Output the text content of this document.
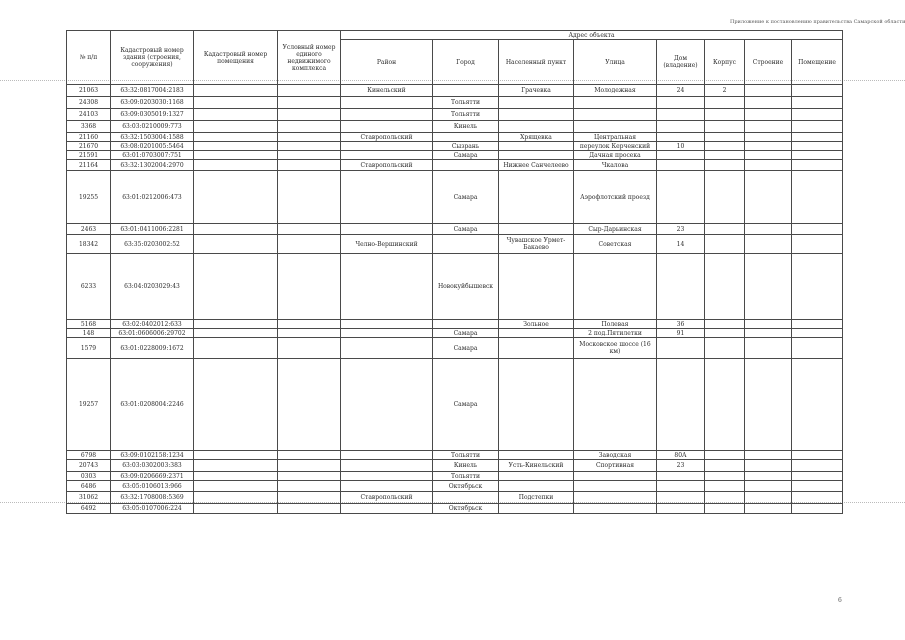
Приложение к постановлению правительства Самарской области
№ п/п	Кадастровый номер здания (строения, сооружения)	Кадастровый номер помещения	Условный номер единого недвижимого комплекса	Адрес объекта							
				Район	Город	Населенный пункт	Улица	Дом (владение)	Корпус	Строение	Помещение
21063	63:32:0817004:2183			Кинельский		Грачевка	Молодежная	24	2		
24308	63:09:0203030:1168				Тольятти						
24103	63:09:0305019:1327				Тольятти						
3368	63:03:0210009:773				Кинель						
21160	63:32:1503004:1588			Ставропольский		Хрящевка	Центральная				
21670	63:08:0201005:5464				Сызрань		переулок Керченский	10			
21591	63:01:0703007:751				Самара		Дачная просека				
21164	63:32:1302004:2970			Ставропольский		Нижнее Санчелеево	Чкалова				
19255	63:01:0212006:473				Самара		Аэрофлотский проезд				
2463	63:01:0411006:2281				Самара		Сыр-Дарьинская	23			
18342	63:35:0203002:52			Челно-Вершинский		Чувашское Урмет-Бакаево	Советская	14			
6233	63:04:0203029:43				Новокуйбышевск						
5168	63:02:0402012:633					Зольное	Полевая	36			
148	63:01:0606006:29702				Самара		2 под.Пятилетки	91			
1579	63:01:0228009:1672				Самара		Московское шоссе (16 км)				
19257	63:01:0208004:2246				Самара						
6798	63:09:0102158:1234				Тольятти		Заводская	80А			
20743	63:03:0302003:383				Кинель	Усть-Кинельский	Спортивная	23			
0303	63:09:0206669:2371				Тольятти						
6486	63:05:0106013:966				Октябрьск						
31062	63:32:1708008:5369			Ставропольский		Подстепки					
6492	63:05:0107006:224				Октябрьск						
6
